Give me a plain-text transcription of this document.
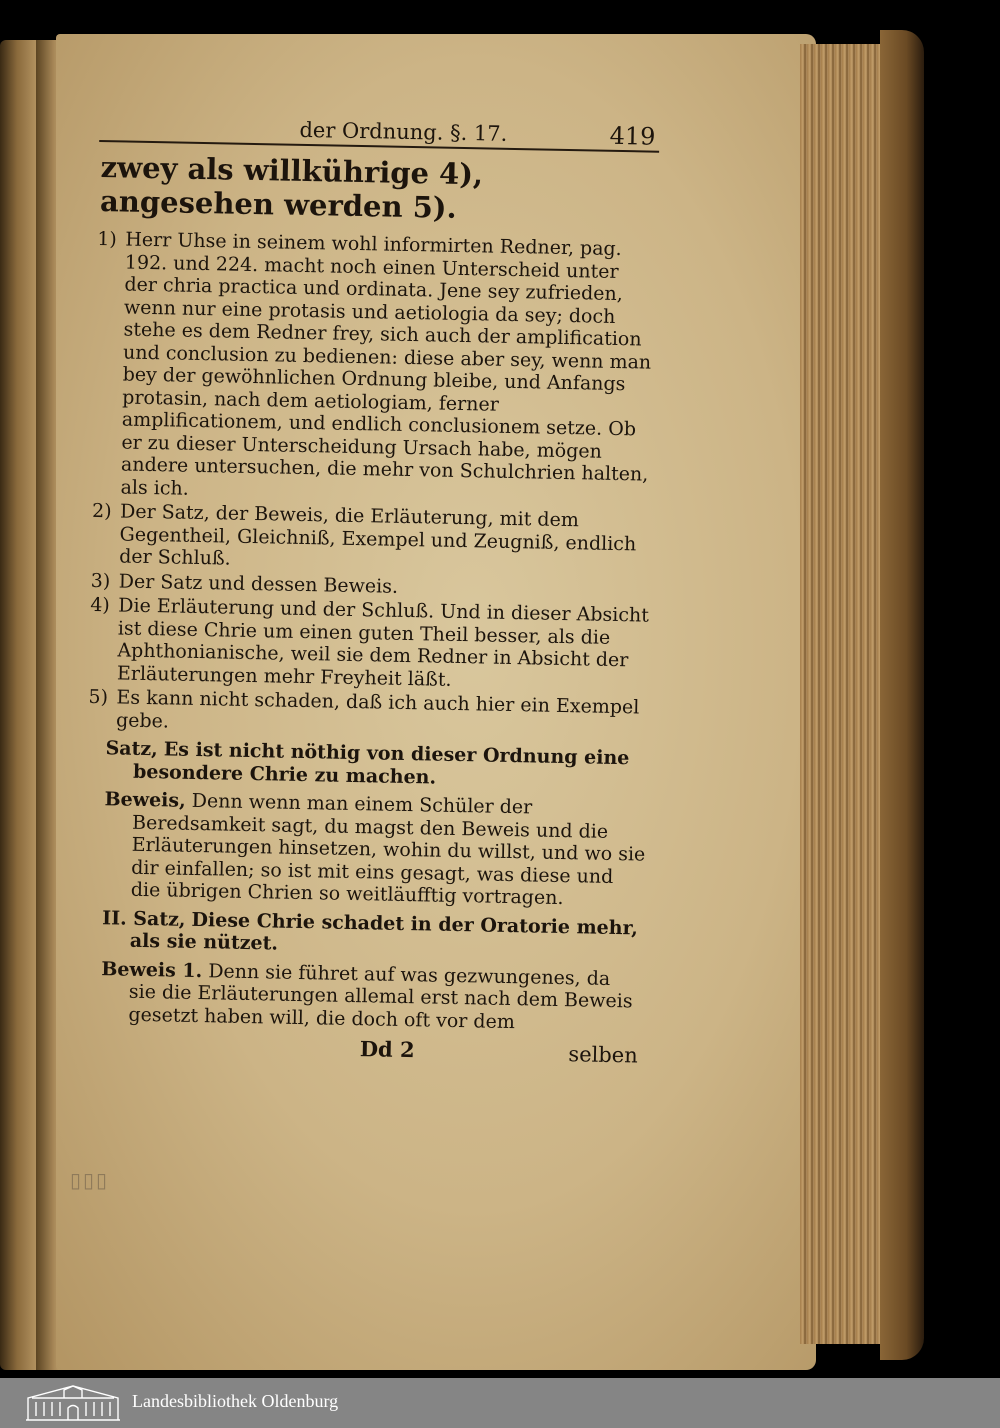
der Ordnung. §. 17.	419
zwey als willkührige 4), angesehen werden 5).
1) Herr Uhse in seinem wohl informirten Redner, pag. 192. und 224. macht noch einen Unterscheid unter der chria practica und ordinata. Jene sey zufrieden, wenn nur eine protasis und aetiologia da sey; doch stehe es dem Redner frey, sich auch der amplification und conclusion zu bedienen: diese aber sey, wenn man bey der gewöhnlichen Ordnung bleibe, und Anfangs protasin, nach dem aetiologiam, ferner amplificationem, und endlich conclusionem setze. Ob er zu dieser Unterscheidung Ursach habe, mögen andere untersuchen, die mehr von Schulchrien halten, als ich.
2) Der Satz, der Beweis, die Erläuterung, mit dem Gegentheil, Gleichniß, Exempel und Zeugniß, endlich der Schluß.
3) Der Satz und dessen Beweis.
4) Die Erläuterung und der Schluß. Und in dieser Absicht ist diese Chrie um einen guten Theil besser, als die Aphthonianische, weil sie dem Redner in Absicht der Erläuterungen mehr Freyheit läßt.
5) Es kann nicht schaden, daß ich auch hier ein Exempel gebe.
Satz, Es ist nicht nöthig von dieser Ordnung eine besondere Chrie zu machen.
Beweis, Denn wenn man einem Schüler der Beredsamkeit sagt, du magst den Beweis und die Erläuterungen hinsetzen, wohin du willst, und wo sie dir einfallen; so ist mit eins gesagt, was diese und die übrigen Chrien so weitläufftig vortragen.
II. Satz, Diese Chrie schadet in der Oratorie mehr, als sie nützet.
Beweis 1. Denn sie führet auf was gezwungenes, da sie die Erläuterungen allemal erst nach dem Beweis gesetzt haben will, die doch oft vor dem
Dd 2	selben
▯▯▯
Landesbibliothek Oldenburg
